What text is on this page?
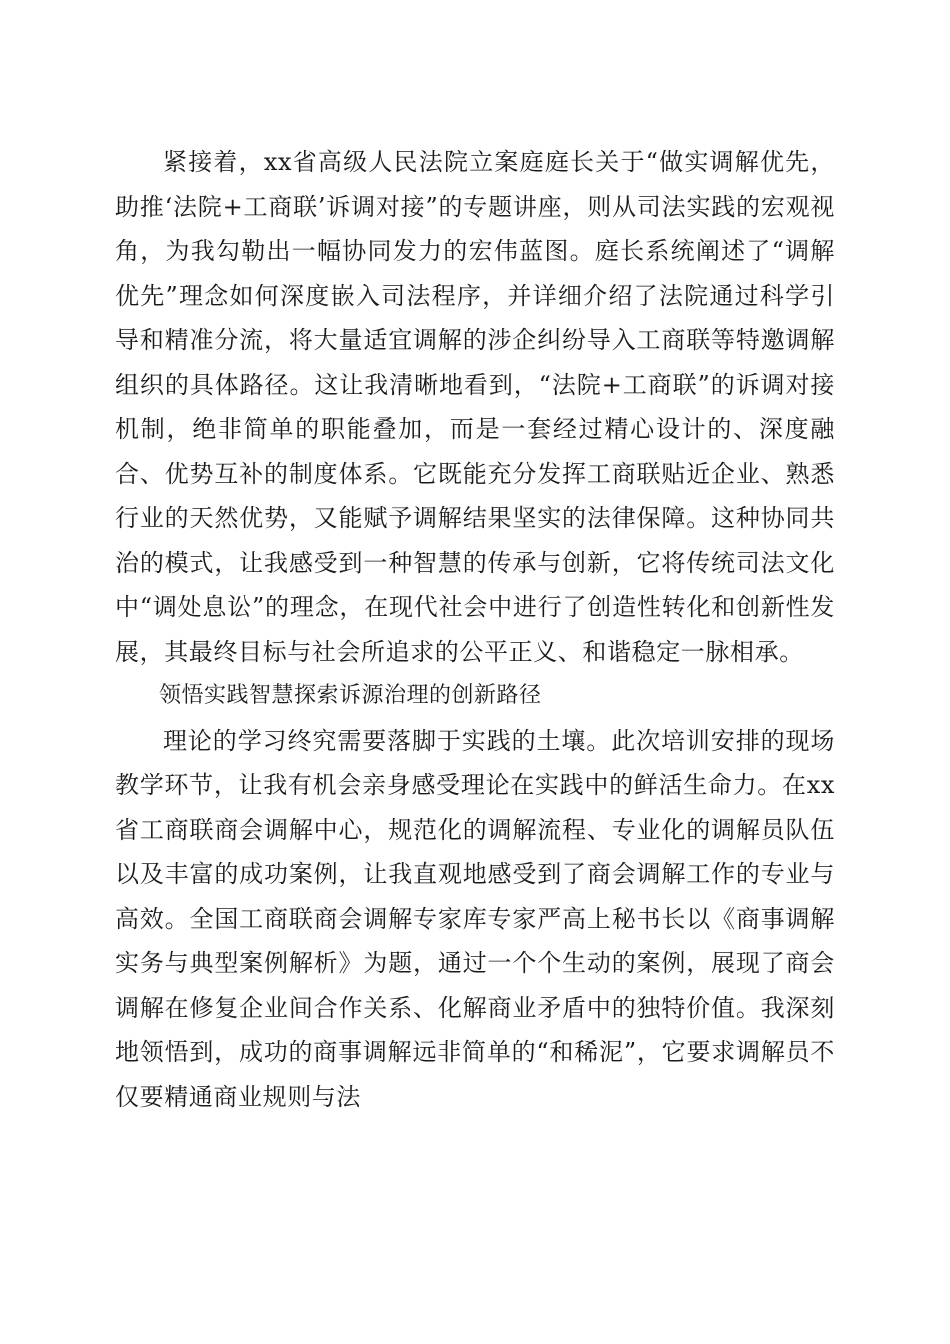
紧接着，xx省高级人民法院立案庭庭长关于“做实调解优先，助推‘法院+工商联’诉调对接”的专题讲座，则从司法实践的宏观视角，为我勾勒出一幅协同发力的宏伟蓝图。庭长系统阐述了“调解优先”理念如何深度嵌入司法程序，并详细介绍了法院通过科学引导和精准分流，将大量适宜调解的涉企纠纷导入工商联等特邀调解组织的具体路径。这让我清晰地看到，“法院+工商联”的诉调对接机制，绝非简单的职能叠加，而是一套经过精心设计的、深度融合、优势互补的制度体系。它既能充分发挥工商联贴近企业、熟悉行业的天然优势，又能赋予调解结果坚实的法律保障。这种协同共治的模式，让我感受到一种智慧的传承与创新，它将传统司法文化中“调处息讼”的理念，在现代社会中进行了创造性转化和创新性发展，其最终目标与社会所追求的公平正义、和谐稳定一脉相承。

领悟实践智慧探索诉源治理的创新路径

理论的学习终究需要落脚于实践的土壤。此次培训安排的现场教学环节，让我有机会亲身感受理论在实践中的鲜活生命力。在xx省工商联商会调解中心，规范化的调解流程、专业化的调解员队伍以及丰富的成功案例，让我直观地感受到了商会调解工作的专业与高效。全国工商联商会调解专家库专家严高上秘书长以《商事调解实务与典型案例解析》为题，通过一个个生动的案例，展现了商会调解在修复企业间合作关系、化解商业矛盾中的独特价值。我深刻地领悟到，成功的商事调解远非简单的“和稀泥”，它要求调解员不仅要精通商业规则与法
